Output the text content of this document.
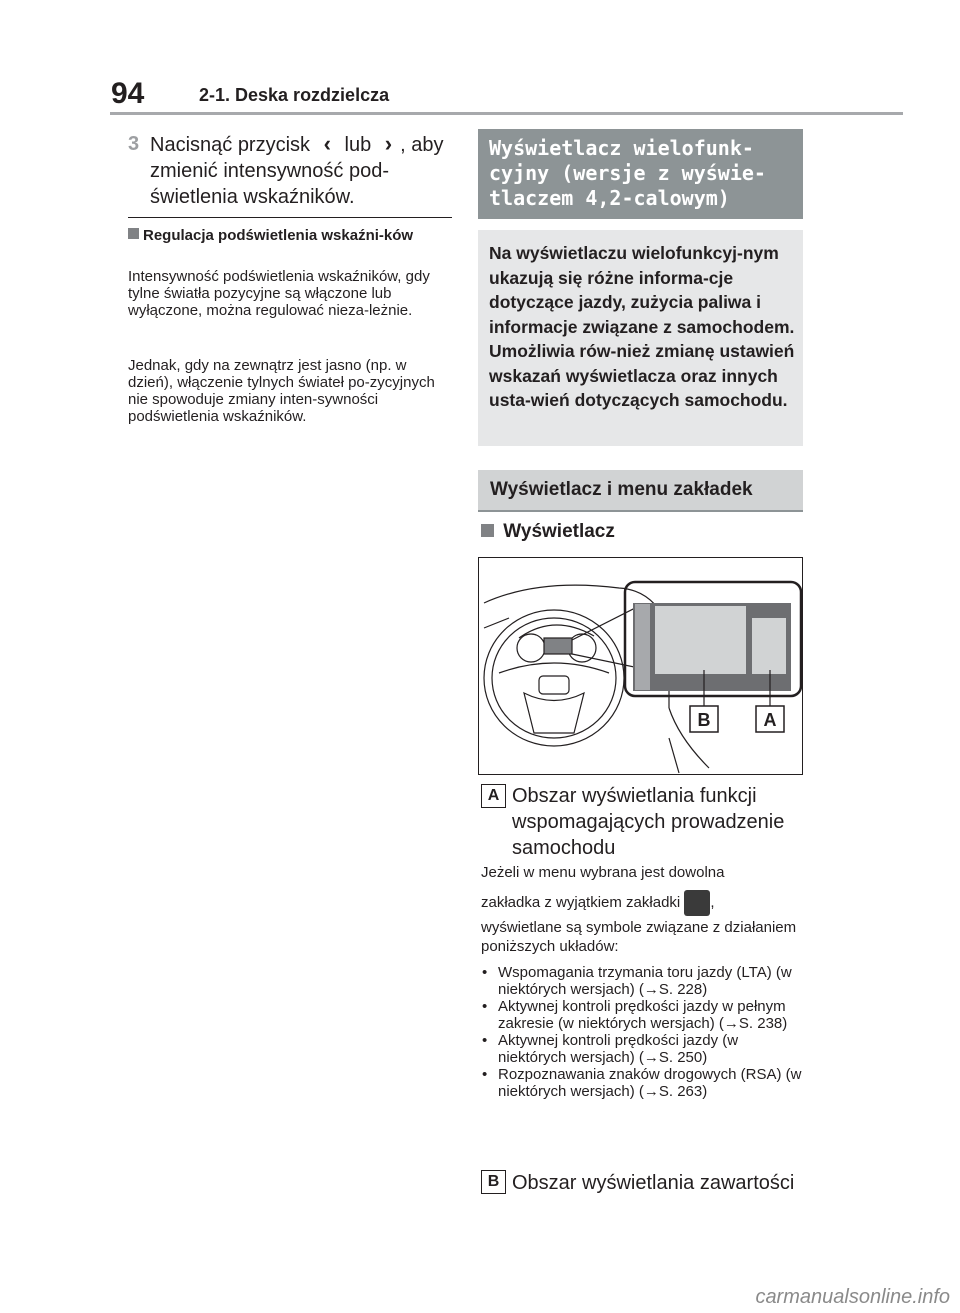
94	2-1. Deska rozdzielcza
3 Nacisnąć przycisk ‹ lub › , aby zmienić intensywność pod-świetlenia wskaźników.
Regulacja podświetlenia wskaźni-ków
Intensywność podświetlenia wskaźników, gdy tylne światła pozycyjne są włączone lub wyłączone, można regulować nieza-leżnie.
Jednak, gdy na zewnątrz jest jasno (np. w dzień), włączenie tylnych świateł po-zycyjnych nie spowoduje zmiany inten-sywności podświetlenia wskaźników.
Wyświetlacz wielofunk-cyjny (wersje z wyświe-tlaczem 4,2-calowym)
Na wyświetlaczu wielofunkcyj-nym ukazują się różne informa-cje dotyczące jazdy, zużycia paliwa i informacje związane z samochodem. Umożliwia rów-nież zmianę ustawień wskazań wyświetlacza oraz innych usta-wień dotyczących samochodu.
Wyświetlacz i menu zakładek
Wyświetlacz
B	A
A Obszar wyświetlania funkcji wspomagających prowadzenie samochodu
Jeżeli w menu wybrana jest dowolna
zakładka z wyjątkiem zakładki ,
wyświetlane są symbole związane z działaniem poniższych układów:
• Wspomagania trzymania toru jazdy (LTA) (w niektórych wersjach) (→S. 228)
• Aktywnej kontroli prędkości jazdy w pełnym zakresie (w niektórych wersjach) (→S. 238)
• Aktywnej kontroli prędkości jazdy (w niektórych wersjach) (→S. 250)
• Rozpoznawania znaków drogowych (RSA) (w niektórych wersjach) (→S. 263)
B Obszar wyświetlania zawartości
carmanualsonline.info
